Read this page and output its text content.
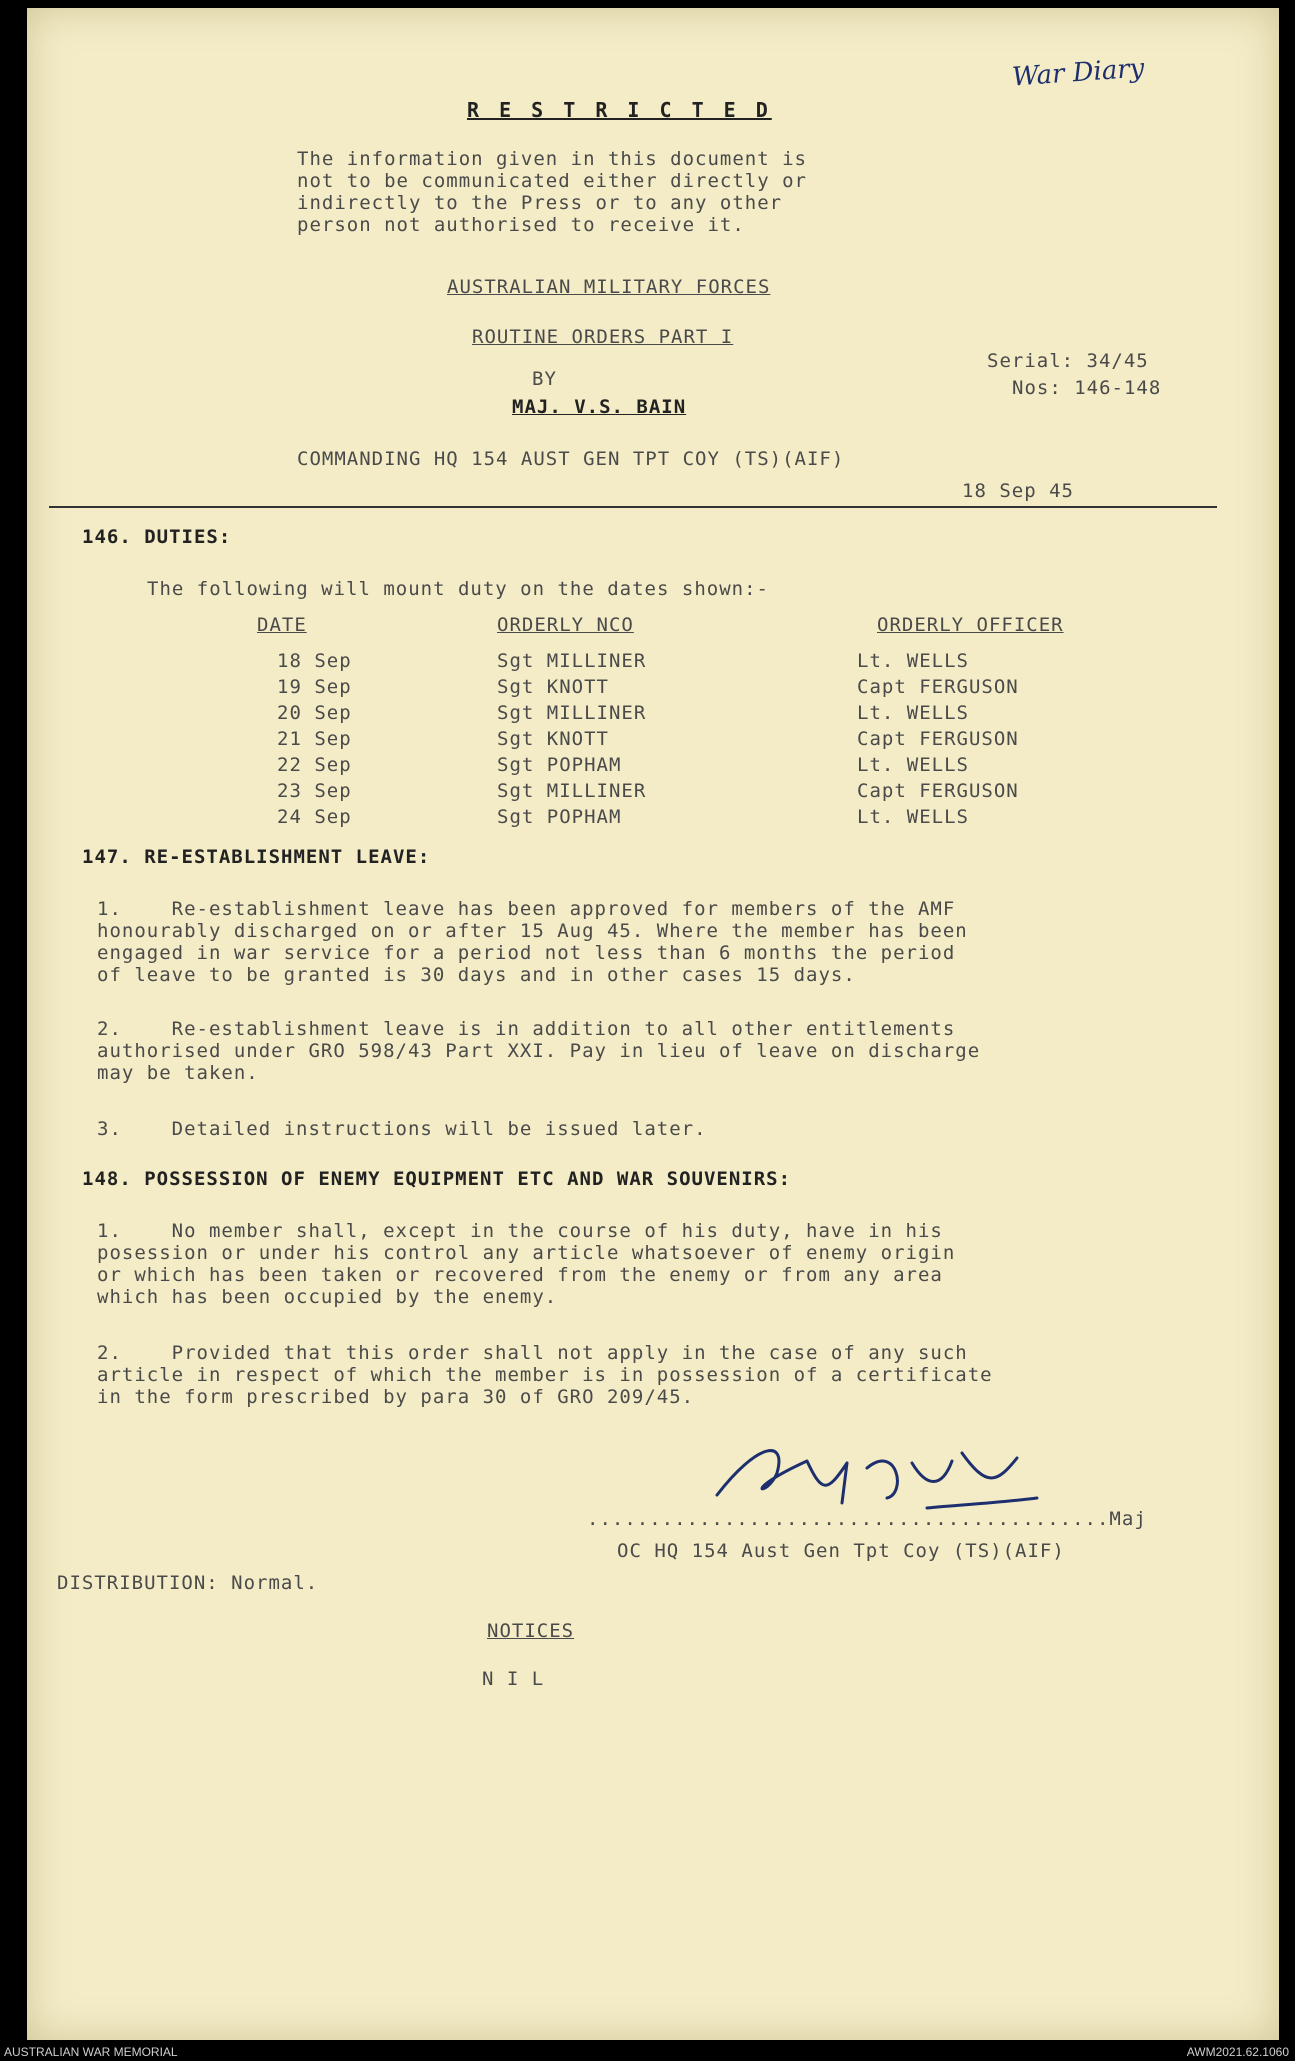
War Diary
R E S T R I C T E D
The information given in this document is
not to be communicated either directly or
indirectly to the Press or to any other
person not authorised to receive it.
AUSTRALIAN MILITARY FORCES
ROUTINE ORDERS PART I
Serial: 34/45
Nos: 146-148
BY
MAJ. V.S. BAIN
COMMANDING HQ 154 AUST GEN TPT COY (TS)(AIF)
18 Sep 45
146. DUTIES:
The following will mount duty on the dates shown:-
DATE	ORDERLY NCO	ORDERLY OFFICER
18 Sep	Sgt MILLINER	Lt. WELLS
19 Sep	Sgt KNOTT	Capt FERGUSON
20 Sep	Sgt MILLINER	Lt. WELLS
21 Sep	Sgt KNOTT	Capt FERGUSON
22 Sep	Sgt POPHAM	Lt. WELLS
23 Sep	Sgt MILLINER	Capt FERGUSON
24 Sep	Sgt POPHAM	Lt. WELLS
147. RE-ESTABLISHMENT LEAVE:
1.    Re-establishment leave has been approved for members of the AMF
honourably discharged on or after 15 Aug 45. Where the member has been
engaged in war service for a period not less than 6 months the period
of leave to be granted is 30 days and in other cases 15 days.
2.    Re-establishment leave is in addition to all other entitlements
authorised under GRO 598/43 Part XXI. Pay in lieu of leave on discharge
may be taken.
3.    Detailed instructions will be issued later.
148. POSSESSION OF ENEMY EQUIPMENT ETC AND WAR SOUVENIRS:
1.    No member shall, except in the course of his duty, have in his
posession or under his control any article whatsoever of enemy origin
or which has been taken or recovered from the enemy or from any area
which has been occupied by the enemy.
2.    Provided that this order shall not apply in the case of any such
article in respect of which the member is in possession of a certificate
in the form prescribed by para 30 of GRO 209/45.
..........................................Maj
OC HQ 154 Aust Gen Tpt Coy (TS)(AIF)
DISTRIBUTION: Normal.
NOTICES
N I L
AUSTRALIAN WAR MEMORIAL	AWM2021.62.1060
